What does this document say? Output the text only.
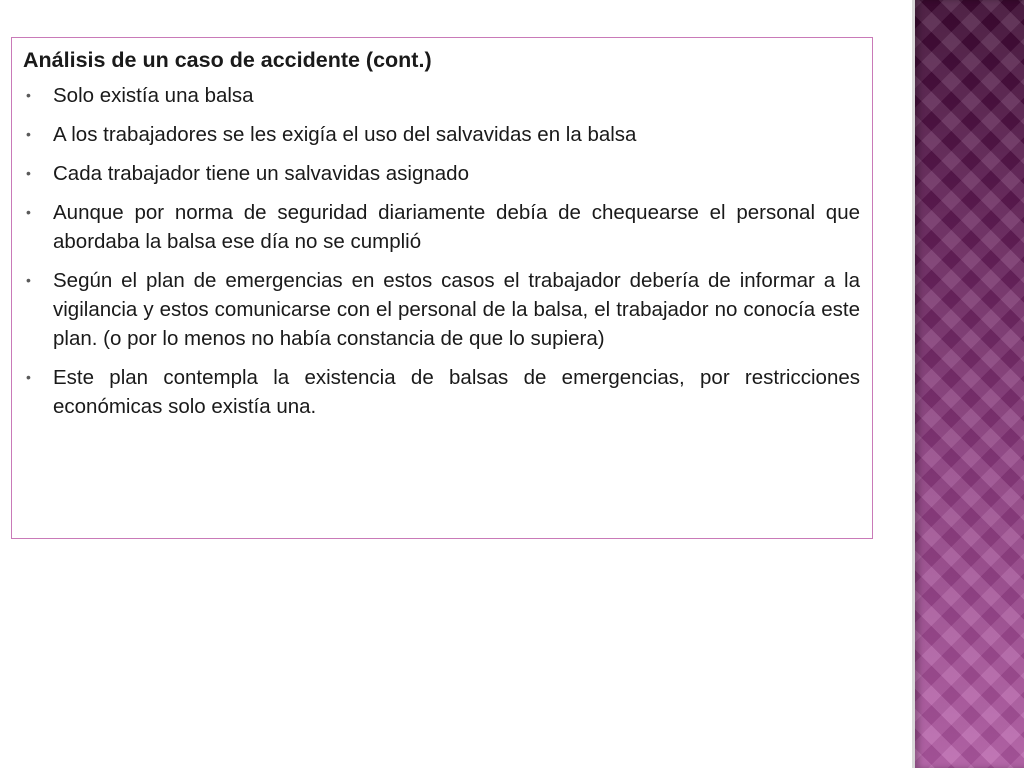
Análisis de un caso de accidente (cont.)
• Solo existía una balsa
• A los trabajadores se les exigía el uso del salvavidas en la balsa
• Cada trabajador tiene un salvavidas asignado
• Aunque por norma de seguridad diariamente debía de chequearse el personal que abordaba la balsa ese día no se cumplió
• Según el plan de emergencias en estos casos el trabajador debería de informar a la vigilancia y estos comunicarse con el personal de la balsa, el trabajador no conocía este plan. (o por lo menos no había constancia de que lo supiera)
• Este plan contempla la existencia de balsas de emergencias, por restricciones económicas solo existía una.
